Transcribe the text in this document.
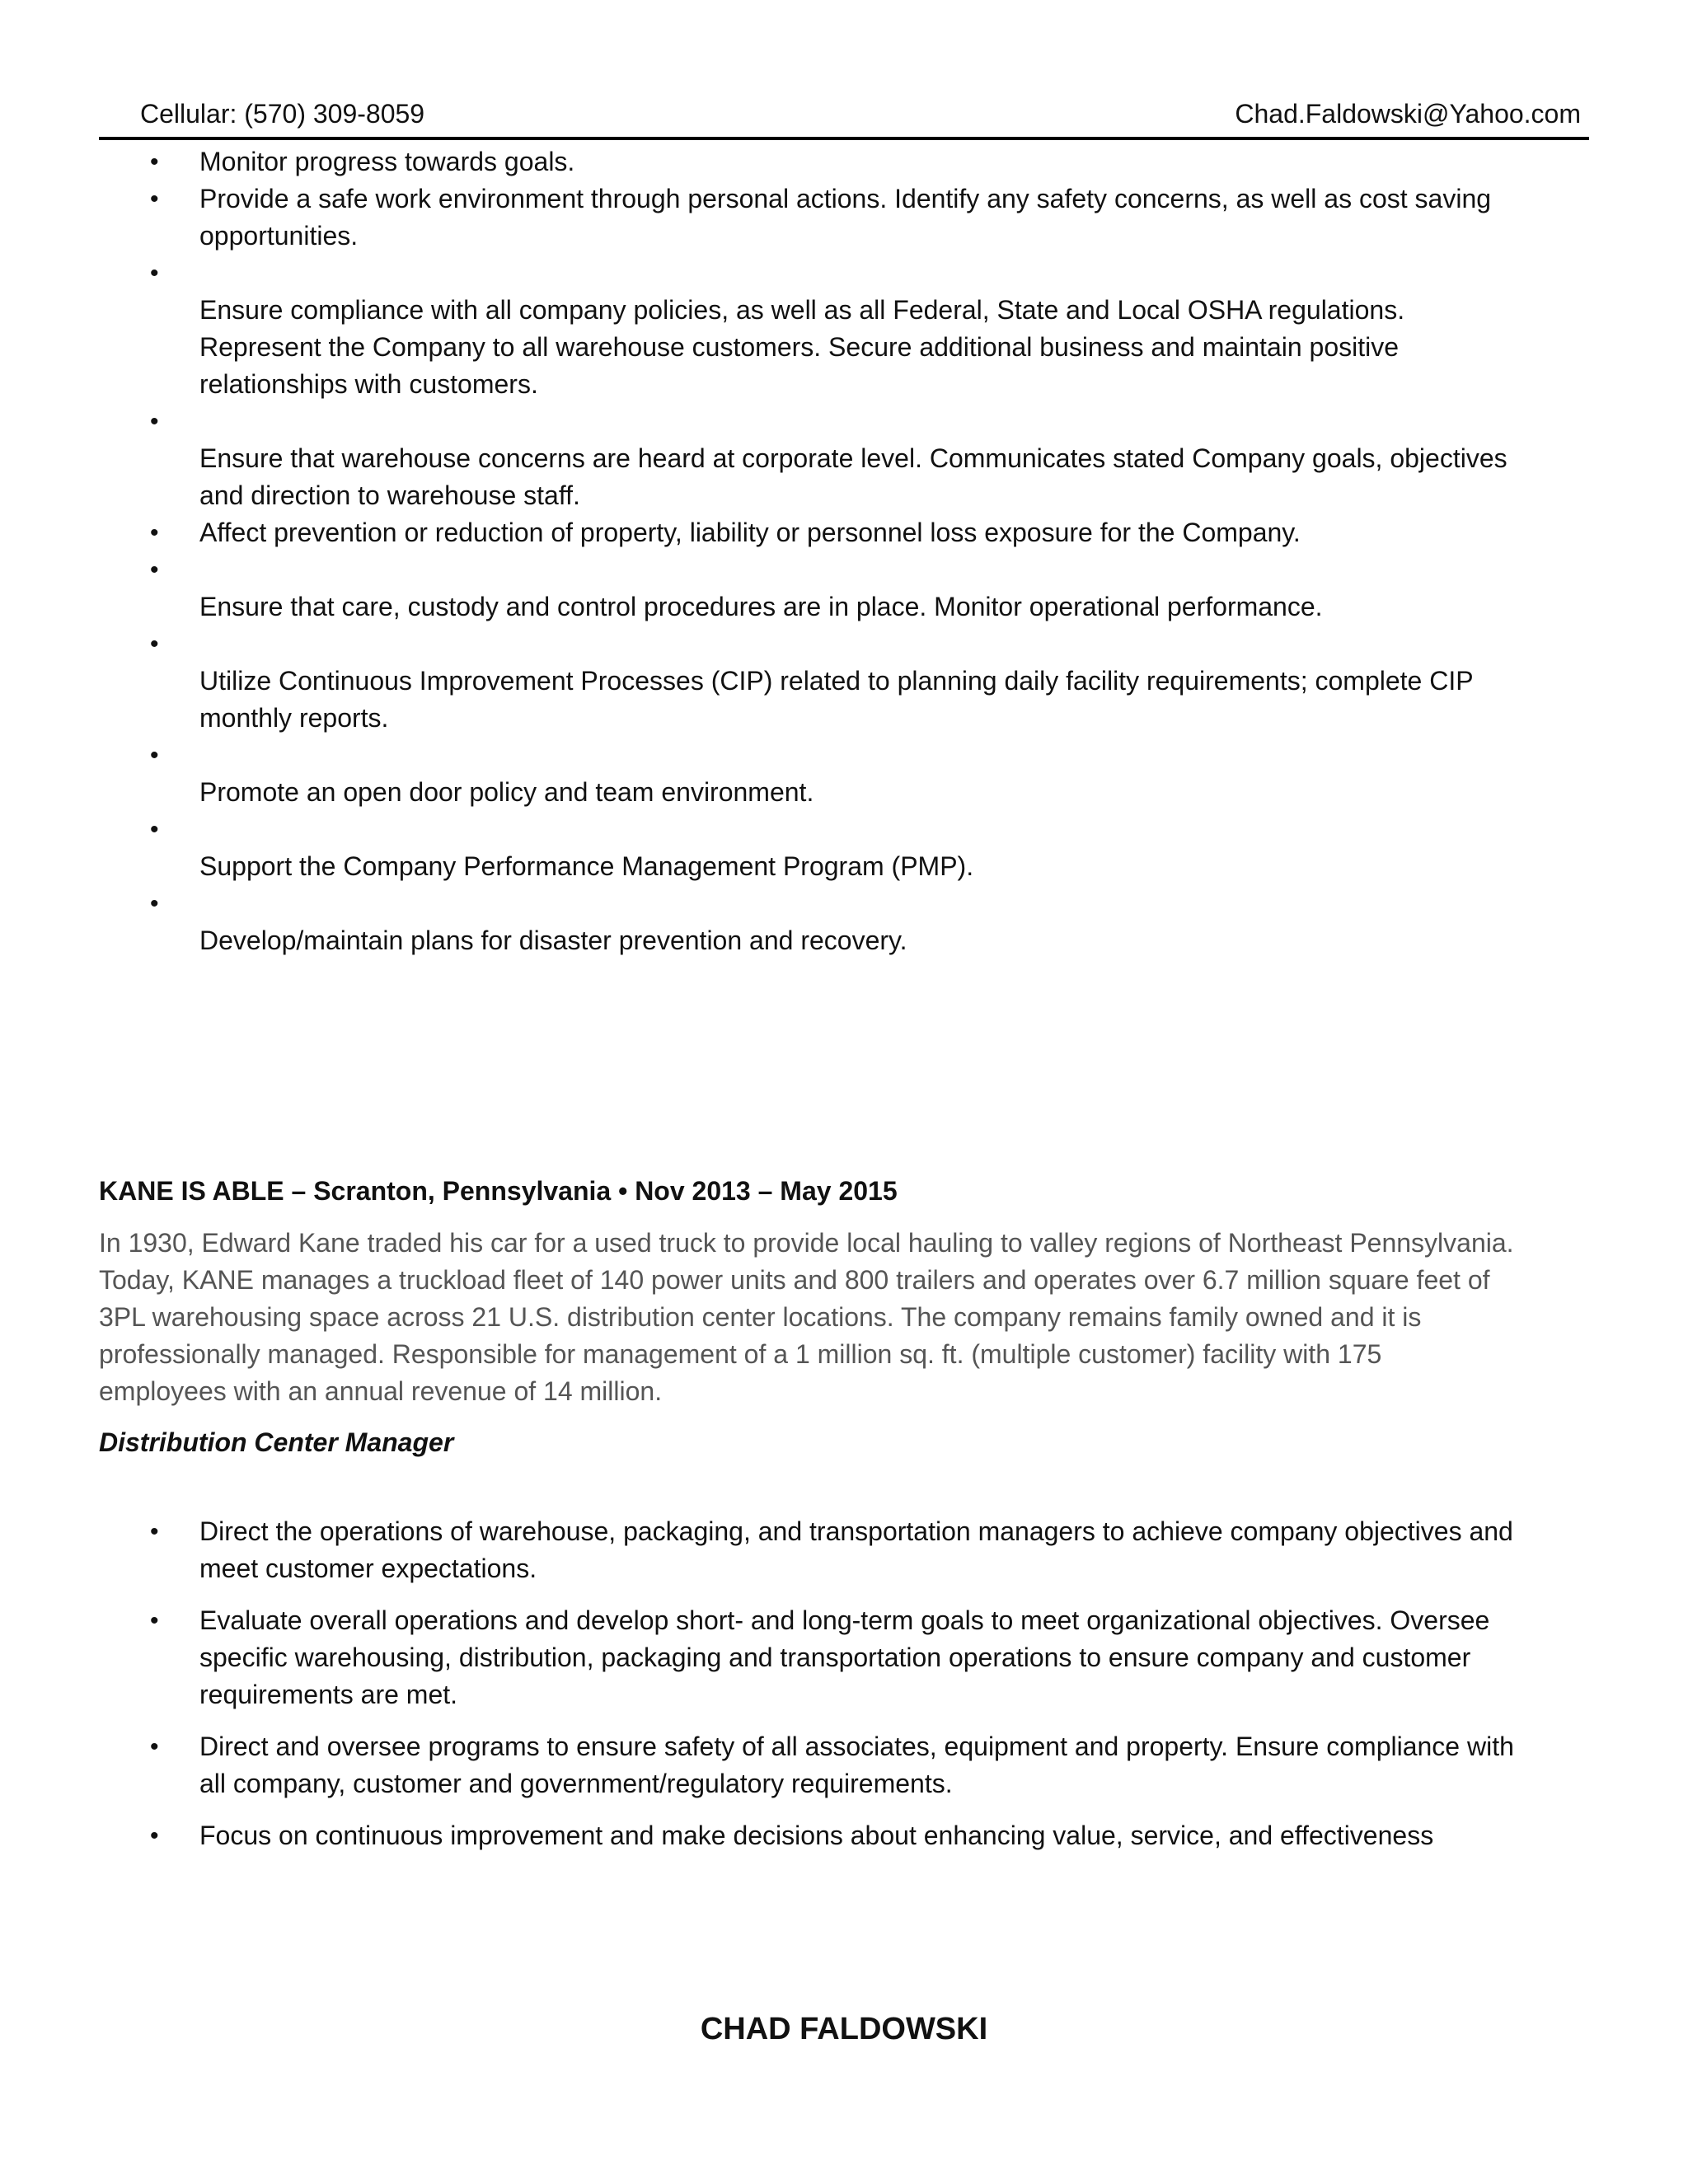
Cellular: (570) 309-8059	Chad.Faldowski@Yahoo.com
• Monitor progress towards goals.
• Provide a safe work environment through personal actions. Identify any safety concerns, as well as cost saving
opportunities.
•

Ensure compliance with all company policies, as well as all Federal, State and Local OSHA regulations.
Represent the Company to all warehouse customers. Secure additional business and maintain positive
relationships with customers.
•

Ensure that warehouse concerns are heard at corporate level. Communicates stated Company goals, objectives
and direction to warehouse staff.
• Affect prevention or reduction of property, liability or personnel loss exposure for the Company.
•

Ensure that care, custody and control procedures are in place. Monitor operational performance.
•

Utilize Continuous Improvement Processes (CIP) related to planning daily facility requirements; complete CIP
monthly reports.
•

Promote an open door policy and team environment.
•

Support the Company Performance Management Program (PMP).
•

Develop/maintain plans for disaster prevention and recovery.
KANE IS ABLE – Scranton, Pennsylvania • Nov 2013 – May 2015
In 1930, Edward Kane traded his car for a used truck to provide local hauling to valley regions of Northeast Pennsylvania.
Today, KANE manages a truckload fleet of 140 power units and 800 trailers and operates over 6.7 million square feet of
3PL warehousing space across 21 U.S. distribution center locations. The company remains family owned and it is
professionally managed. Responsible for management of a 1 million sq. ft. (multiple customer) facility with 175
employees with an annual revenue of 14 million.
Distribution Center Manager
• Direct the operations of warehouse, packaging, and transportation managers to achieve company objectives and
meet customer expectations.
• Evaluate overall operations and develop short- and long-term goals to meet organizational objectives. Oversee
specific warehousing, distribution, packaging and transportation operations to ensure company and customer
requirements are met.
• Direct and oversee programs to ensure safety of all associates, equipment and property. Ensure compliance with
all company, customer and government/regulatory requirements.
• Focus on continuous improvement and make decisions about enhancing value, service, and effectiveness
CHAD FALDOWSKI
